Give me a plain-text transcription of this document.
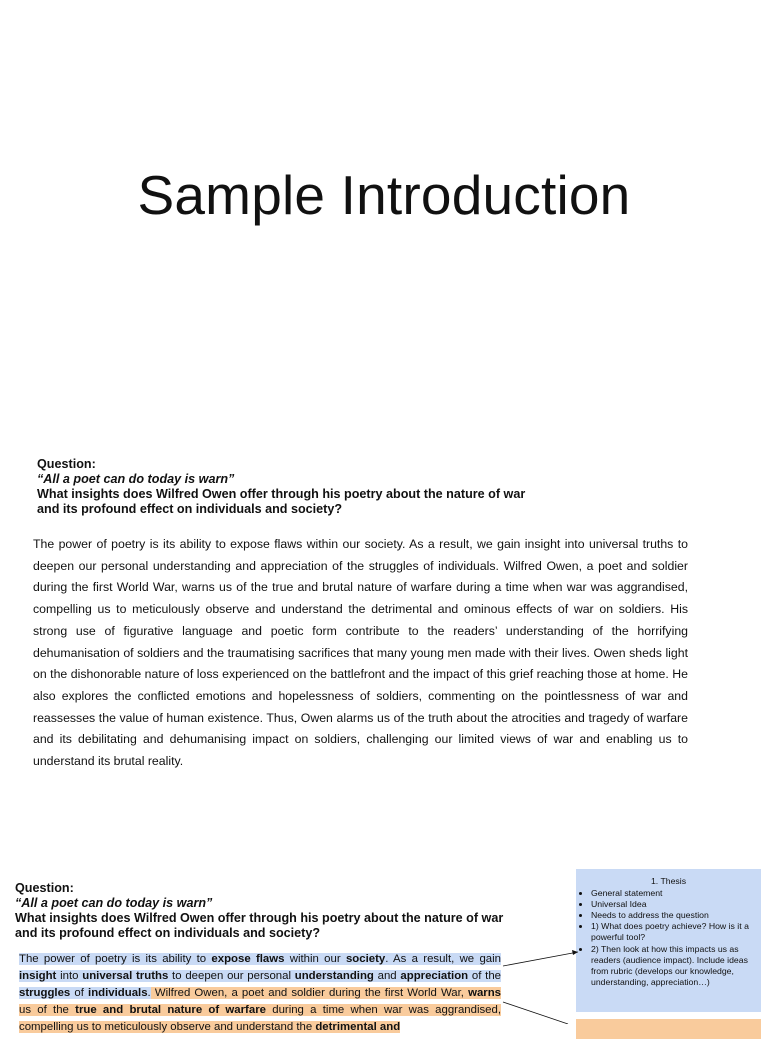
Sample Introduction
Question:
“All a poet can do today is warn”
What insights does Wilfred Owen offer through his poetry about the nature of war and its profound effect on individuals and society?

The power of poetry is its ability to expose flaws within our society. As a result, we gain insight into universal truths to deepen our personal understanding and appreciation of the struggles of individuals. Wilfred Owen, a poet and soldier during the first World War, warns us of the true and brutal nature of warfare during a time when war was aggrandised, compelling us to meticulously observe and understand the detrimental and ominous effects of war on soldiers. His strong use of figurative language and poetic form contribute to the readers’ understanding of the horrifying dehumanisation of soldiers and the traumatising sacrifices that many young men made with their lives. Owen sheds light on the dishonorable nature of loss experienced on the battlefront and the impact of this grief reaching those at home. He also explores the conflicted emotions and hopelessness of soldiers, commenting on the pointlessness of war and reassesses the value of human existence. Thus, Owen alarms us of the truth about the atrocities and tragedy of warfare and its debilitating and dehumanising impact on soldiers, challenging our limited views of war and enabling us to understand its brutal reality.

Question:
“All a poet can do today is warn”
What insights does Wilfred Owen offer through his poetry about the nature of war and its profound effect on individuals and society?

The power of poetry is its ability to expose flaws within our society. As a result, we gain insight into universal truths to deepen our personal understanding and appreciation of the struggles of individuals. Wilfred Owen, a poet and soldier during the first World War, warns us of the true and brutal nature of warfare during a time when war was aggrandised, compelling us to meticulously observe and understand the detrimental and

1. Thesis
• General statement
• Universal Idea
• Needs to address the question
• 1) What does poetry achieve? How is it a powerful tool?
• 2) Then look at how this impacts us as readers (audience impact). Include ideas from rubric (develops our knowledge, understanding, appreciation…)
